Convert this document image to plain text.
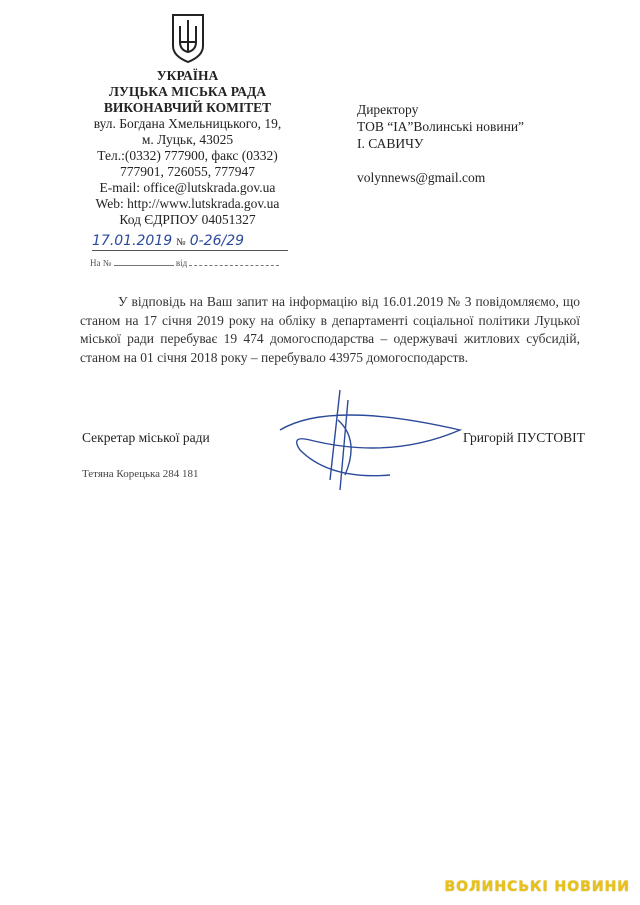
УКРАЇНА
ЛУЦЬКА МІСЬКА РАДА
ВИКОНАВЧИЙ КОМІТЕТ
вул. Богдана Хмельницького, 19,
м. Луцьк, 43025
Тел.:(0332) 777900, факс (0332)
777901, 726055, 777947
E-mail: office@lutskrada.gov.ua
Web: http://www.lutskrada.gov.ua
Код ЄДРПОУ 04051327
17.01.2019 № 0-26/29
На №	від
Директору
ТОВ “ІА”Волинські новини”
І. САВИЧУ
volynnews@gmail.com

У відповідь на Ваш запит на інформацію від 16.01.2019 № 3 повідомляємо, що станом на 17 січня 2019 року на обліку в департаменті соціальної політики Луцької міської ради перебуває 19 474 домогосподарства – одержувачі житлових субсидій, станом на 01 січня 2018 року – перебувало 43975 домогосподарств.

Секретар міської ради	Григорій ПУСТОВІТ
Тетяна Корецька 284 181
ВОЛИНСЬКІ НОВИНИ
